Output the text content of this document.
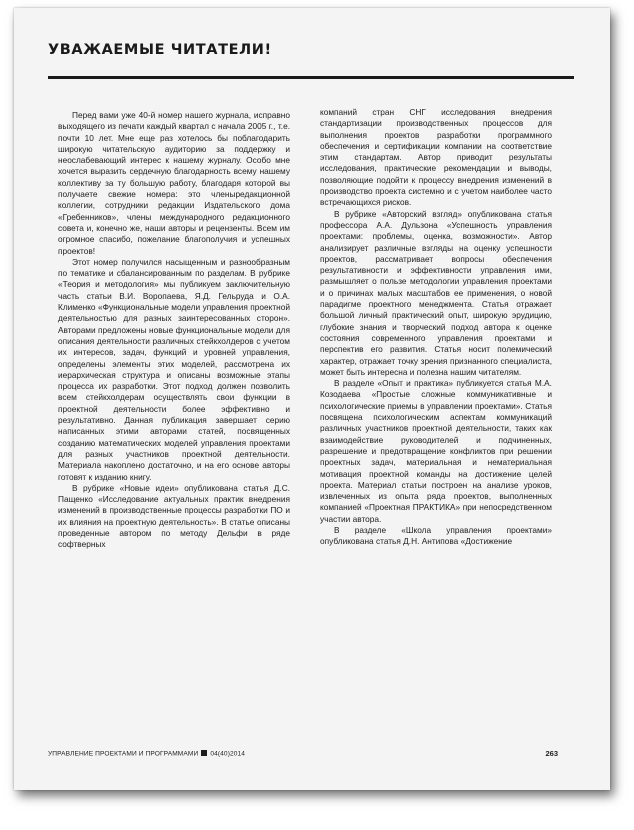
УВАЖАЕМЫЕ ЧИТАТЕЛИ!

Перед вами уже 40-й номер нашего журнала, исправно выходящего из печати каждый квартал с начала 2005 г., т.е. почти 10 лет. Мне еще раз хотелось бы поблагодарить широкую читательскую аудиторию за поддержку и неослабевающий интерес к нашему журналу. Особо мне хочется выразить сердечную благодарность всему нашему коллективу за ту большую работу, благодаря которой вы получаете свежие номера: это членыредакционной коллегии, сотрудники редакции Издательского дома «Гребенников», члены международного редакционного совета и, конечно же, наши авторы и рецензенты. Всем им огромное спасибо, пожелание благополучия и успешных проектов!

Этот номер получился насыщенным и разнообразным по тематике и сбалансированным по разделам. В рубрике «Теория и методология» мы публикуем заключительную часть статьи В.И. Воропаева, Я.Д. Гельруда и О.А. Клименко «Функциональные модели управления проектной деятельностью для разных заинтересованных сторон». Авторами предложены новые функциональные модели для описания деятельности различных стейкхолдеров с учетом их интересов, задач, функций и уровней управления, определены элементы этих моделей, рассмотрена их иерархическая структура и описаны возможные этапы процесса их разработки. Этот подход должен позволить всем стейкхолдерам осуществлять свои функции в проектной деятельности более эффективно и результативно. Данная публикация завершает серию написанных этими авторами статей, посвященных созданию математических моделей управления проектами для разных участников проектной деятельности. Материала накоплено достаточно, и на его основе авторы готовят к изданию книгу.

В рубрике «Новые идеи» опубликована статья Д.С. Пащенко «Исследование актуальных практик внедрения изменений в производственные процессы разработки ПО и их влияния на проектную деятельность». В статье описаны проведенные автором по методу Дельфи в ряде софтверных

компаний стран СНГ исследования внедрения стандартизации производственных процессов для выполнения проектов разработки программного обеспечения и сертификации компании на соответствие этим стандартам. Автор приводит результаты исследования, практические рекомендации и выводы, позволяющие подойти к процессу внедрения изменений в производство проекта системно и с учетом наиболее часто встречающихся рисков.

В рубрике «Авторский взгляд» опубликована статья профессора А.А. Дульзона «Успешность управления проектами: проблемы, оценка, возможности». Автор анализирует различные взгляды на оценку успешности проектов, рассматривает вопросы обеспечения результативности и эффективности управления ими, размышляет о пользе методологии управления проектами и о причинах малых масштабов ее применения, о новой парадигме проектного менеджмента. Статья отражает большой личный практический опыт, широкую эрудицию, глубокие знания и творческий подход автора к оценке состояния современного управления проектами и перспектив его развития. Статья носит полемический характер, отражает точку зрения признанного специалиста, может быть интересна и полезна нашим читателям.

В разделе «Опыт и практика» публикуется статья М.А. Козодаева «Простые сложные коммуникативные и психологические приемы в управлении проектами». Статья посвящена психологическим аспектам коммуникаций различных участников проектной деятельности, таких как взаимодействие руководителей и подчиненных, разрешение и предотвращение конфликтов при решении проектных задач, материальная и нематериальная мотивация проектной команды на достижение целей проекта. Материал статьи построен на анализе уроков, извлеченных из опыта ряда проектов, выполненных компанией «Проектная ПРАКТИКА» при непосредственном участии автора.

В разделе «Школа управления проектами» опубликована статья Д.Н. Антипова «Достижение

УПРАВЛЕНИЕ ПРОЕКТАМИ И ПРОГРАММАМИ 04(40)2014	263
